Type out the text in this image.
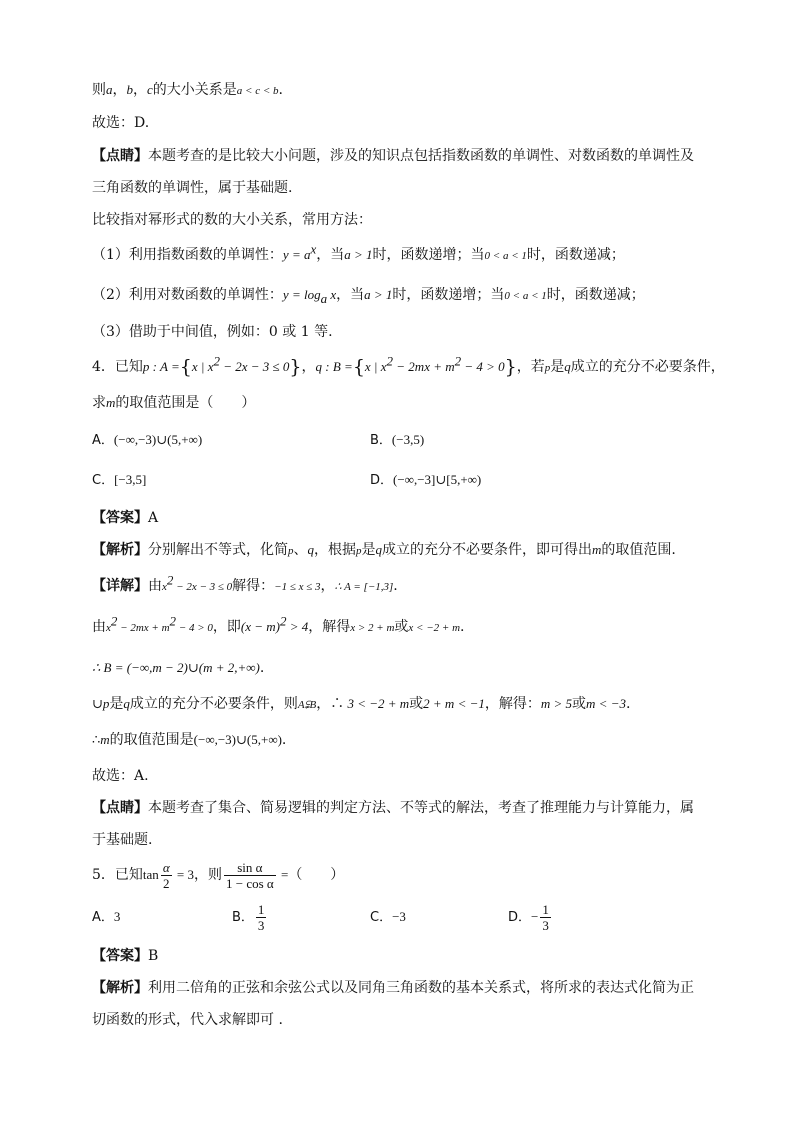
则a，b，c的大小关系是a < c < b.
故选：D.
【点睛】本题考查的是比较大小问题，涉及的知识点包括指数函数的单调性、对数函数的单调性及
三角函数的单调性，属于基础题.
比较指对幂形式的数的大小关系，常用方法：
（1）利用指数函数的单调性：$y = a^x$，当a > 1时，函数递增；当0 < a < 1时，函数递减；
（2）利用对数函数的单调性：$y = \log_a x$，当a > 1时，函数递增；当0 < a < 1时，函数递减；
（3）借助于中间值，例如：0 或 1 等.
4．已知p : A ={x | $x^2 - 2x - 3 \le 0$}，q : B ={x | $x^2 - 2mx + m^2 - 4 > 0$}，若p是q成立的充分不必要条件，
求m的取值范围是（　　）
A．(−∞,−3)∪(5,+∞)	B．(−3,5)
C．[−3,5]	D．(−∞,−3]∪[5,+∞)
【答案】A
【解析】分别解出不等式，化简p、q，根据p是q成立的充分不必要条件，即可得出m的取值范围.
【详解】由$x^2 - 2x - 3 \le 0$解得：−1 ≤ x ≤ 3，∴ A = [−1,3].
由$x^2 - 2mx + m^2 - 4 > 0$，即$(x - m)^2 > 4$，解得x > 2 + m或x < −2 + m.
∴ B = (−∞,m − 2)∪(m + 2,+∞).
∪p是q成立的充分不必要条件，则A⫋B，∴ 3 < −2 + m或2 + m < −1，解得：m > 5或m < −3.
∴m的取值范围是(−∞,−3)∪(5,+∞).
故选：A.
【点睛】本题考查了集合、简易逻辑的判定方法、不等式的解法，考查了推理能力与计算能力，属
于基础题.
5．已知$\tan \frac{\alpha}{2} = 3$，则 $\frac{\text{sin α}}{\text{1 − cos α}}$ =（　　）
A．3	B． $\frac{1}{3}$	C．−3	D．− $\frac{1}{3}$
【答案】B
【解析】利用二倍角的正弦和余弦公式以及同角三角函数的基本关系式，将所求的表达式化简为正
切函数的形式，代入求解即可 .
